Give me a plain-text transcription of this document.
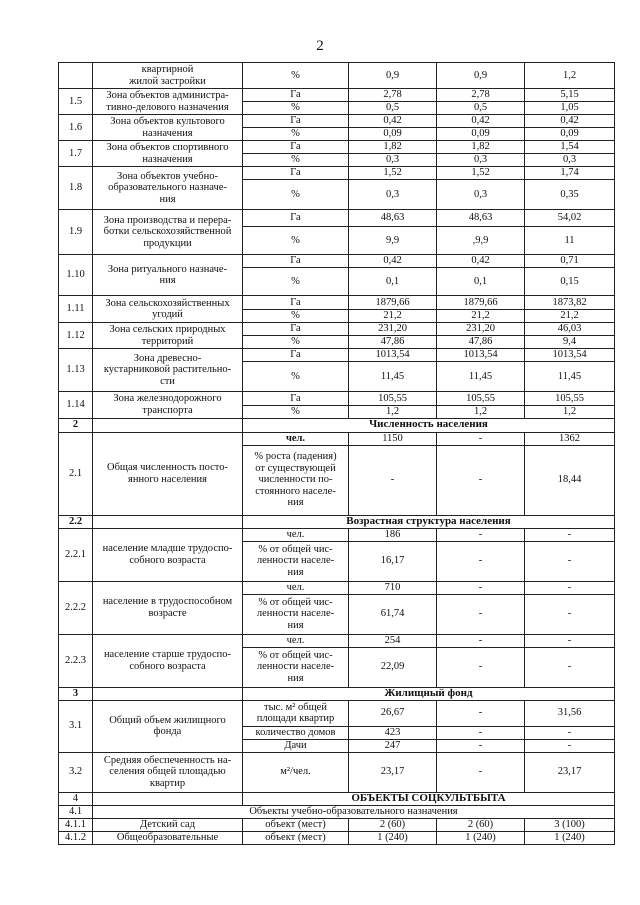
2
	квартирной
жилой застройки	%	0,9	0,9	1,2
1.5	Зона объектов администра-
тивно-делового назначения	Га	2,78	2,78	5,15
		%	0,5	0,5	1,05
1.6	Зона объектов культового
назначения	Га	0,42	0,42	0,42
		%	0,09	0,09	0,09
1.7	Зона объектов спортивного
назначения	Га	1,82	1,82	1,54
		%	0,3	0,3	0,3
1.8	Зона объектов учебно-
образовательного назначе-
ния	Га	1,52	1,52	1,74
		%	0,3	0,3	0,35
1.9	Зона производства и перера-
ботки сельскохозяйственной
продукции	Га	48,63	48,63	54,02
		%	9,9	,9,9	11
1.10	Зона ритуального назначе-
ния	Га	0,42	0,42	0,71
		%	0,1	0,1	0,15
1.11	Зона сельскохозяйственных
угодий	Га	1879,66	1879,66	1873,82
		%	21,2	21,2	21,2
1.12	Зона сельских природных
территорий	Га	231,20	231,20	46,03
		%	47,86	47,86	9,4
1.13	Зона древесно-
кустарниковой растительно-
сти	Га	1013,54	1013,54	1013,54
		%	11,45	11,45	11,45
1.14	Зона железнодорожного
транспорта	Га	105,55	105,55	105,55
		%	1,2	1,2	1,2
2		Численность населения			
2.1	Общая численность посто-
янного населения	чел.	1150	-	1362
		% роста (падения)
от существующей
численности по-
стоянного населе-
ния	-	-	18,44
2.2		Возрастная структура населения			
2.2.1	население младше трудоспо-
собного возраста	чел.	186	-	-
		% от общей чис-
ленности населе-
ния	16,17	-	-
2.2.2	население в трудоспособном
возрасте	чел.	710	-	-
		% от общей чис-
ленности населе-
ния	61,74	-	-
2.2.3	население старше трудоспо-
собного возраста	чел.	254	-	-
		% от общей чис-
ленности населе-
ния	22,09	-	-
3		Жилищный фонд			
3.1	Общий объем жилищного
фонда	тыс. м² общей
площади квартир	26,67	-	31,56
		количество домов	423	-	-
		Дачи	247	-	-
3.2	Средняя обеспеченность на-
селения общей площадью
квартир	м²/чел.	23,17	-	23,17
4		ОБЪЕКТЫ СОЦКУЛЬТБЫТА			
4.1	Объекты учебно-образовательного назначения				
4.1.1	Детский сад	объект (мест)	2 (60)	2 (60)	3 (100)
4.1.2	Общеобразовательные	объект (мест)	1 (240)	1 (240)	1 (240)
